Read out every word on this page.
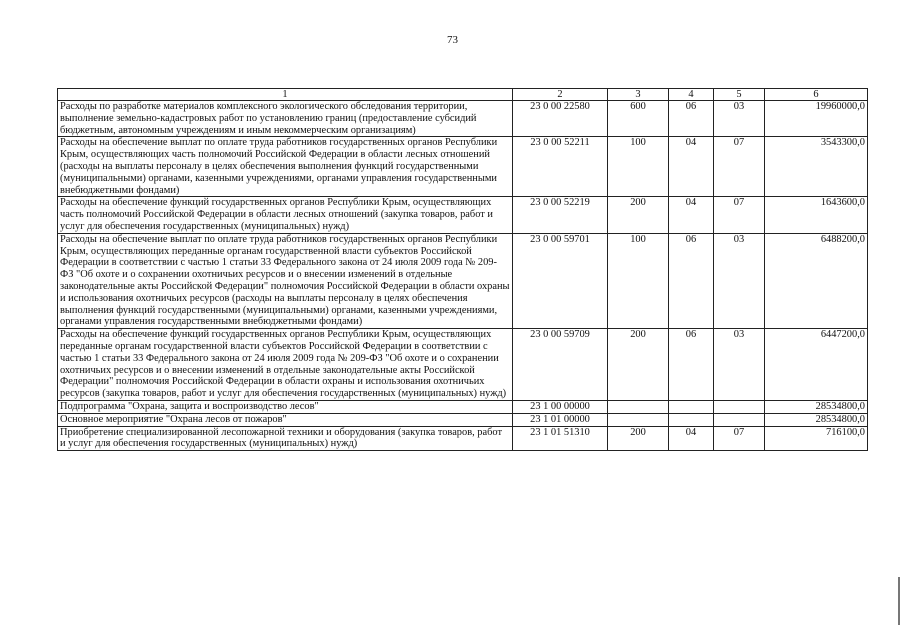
73
1	2	3	4	5	6
Расходы по разработке материалов комплексного экологического обследования территории, выполнение земельно-кадастровых работ по установлению границ (предоставление субсидий бюджетным, автономным учреждениям и иным некоммерческим организациям)	23 0 00 22580	600	06	03	19960000,0
Расходы на обеспечение выплат по оплате труда работников государственных органов Республики Крым, осуществляющих часть полномочий Российской Федерации в области лесных отношений (расходы на выплаты персоналу в целях обеспечения выполнения функций государственными (муниципальными) органами, казенными учреждениями, органами управления государственными внебюджетными фондами)	23 0 00 52211	100	04	07	3543300,0
Расходы на обеспечение функций государственных органов Республики Крым, осуществляющих часть полномочий Российской Федерации в области лесных отношений (закупка товаров, работ и услуг для обеспечения государственных (муниципальных) нужд)	23 0 00 52219	200	04	07	1643600,0
Расходы на обеспечение выплат по оплате труда работников государственных органов Республики Крым, осуществляющих переданные органам государственной власти субъектов Российской Федерации в соответствии с частью 1 статьи 33 Федерального закона от 24 июля 2009 года № 209-ФЗ "Об охоте и о сохранении охотничьих ресурсов и о внесении изменений в отдельные законодательные акты Российской Федерации" полномочия Российской Федерации в области охраны и использования охотничьих ресурсов (расходы на выплаты персоналу в целях обеспечения выполнения функций государственными (муниципальными) органами, казенными учреждениями, органами управления государственными внебюджетными фондами)	23 0 00 59701	100	06	03	6488200,0
Расходы на обеспечение функций государственных органов Республики Крым, осуществляющих переданные органам государственной власти субъектов Российской Федерации в соответствии с частью 1 статьи 33 Федерального закона от 24 июля 2009 года № 209-ФЗ "Об охоте и о сохранении охотничьих ресурсов и о внесении изменений в отдельные законодательные акты Российской Федерации" полномочия Российской Федерации в области охраны и использования охотничьих ресурсов (закупка товаров, работ и услуг для обеспечения государственных (муниципальных) нужд)	23 0 00 59709	200	06	03	6447200,0
Подпрограмма "Охрана, защита и воспроизводство лесов"	23 1 00 00000				28534800,0
Основное мероприятие "Охрана лесов от пожаров"	23 1 01 00000				28534800,0
Приобретение специализированной лесопожарной техники и оборудования (закупка товаров, работ и услуг для обеспечения государственных (муниципальных) нужд)	23 1 01 51310	200	04	07	716100,0
